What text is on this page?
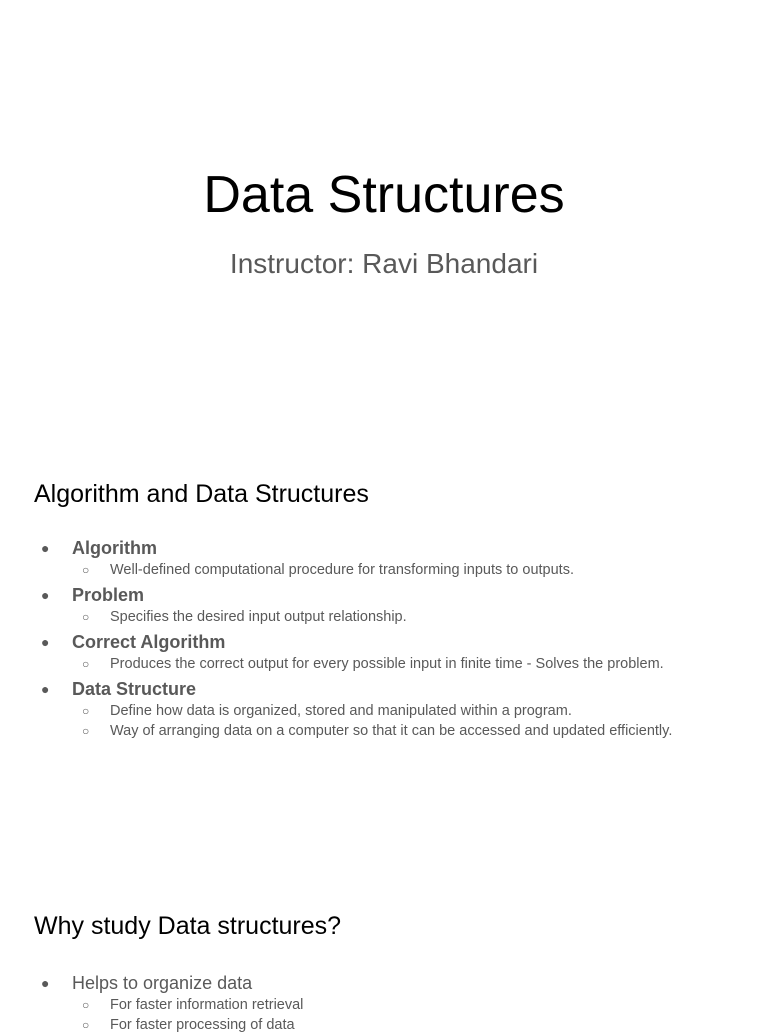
Data Structures
Instructor: Ravi Bhandari
Algorithm and Data Structures
● Algorithm
○ Well-defined computational procedure for transforming inputs to outputs.
● Problem
○ Specifies the desired input output relationship.
● Correct Algorithm
○ Produces the correct output for every possible input in finite time - Solves the problem.
● Data Structure
○ Define how data is organized, stored and manipulated within a program.
○ Way of arranging data on a computer so that it can be accessed and updated efficiently.
Why study Data structures?
● Helps to organize data
○ For faster information retrieval
○ For faster processing of data
